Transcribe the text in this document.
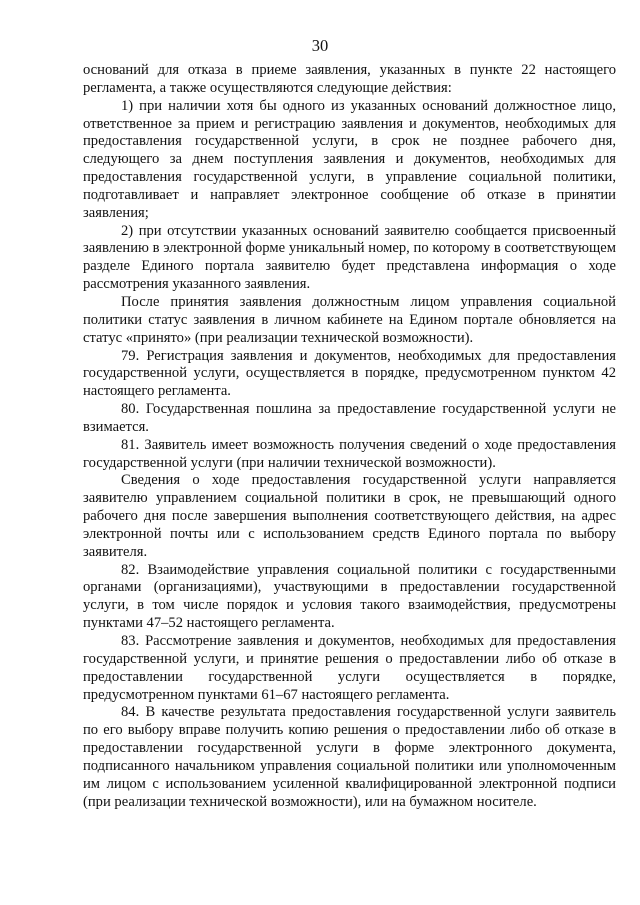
30

оснований для отказа в приеме заявления, указанных в пункте 22 настоящего регламента, а также осуществляются следующие действия:

1) при наличии хотя бы одного из указанных оснований должностное лицо, ответственное за прием и регистрацию заявления и документов, необходимых для предоставления государственной услуги, в срок не позднее рабочего дня, следующего за днем поступления заявления и документов, необходимых для предоставления государственной услуги, в управление социальной политики, подготавливает и направляет электронное сообщение об отказе в принятии заявления;

2) при отсутствии указанных оснований заявителю сообщается присвоенный заявлению в электронной форме уникальный номер, по которому в соответствующем разделе Единого портала заявителю будет представлена информация о ходе рассмотрения указанного заявления.

После принятия заявления должностным лицом управления социальной политики статус заявления в личном кабинете на Едином портале обновляется на статус «принято» (при реализации технической возможности).

79. Регистрация заявления и документов, необходимых для предоставления государственной услуги, осуществляется в порядке, предусмотренном пунктом 42 настоящего регламента.

80. Государственная пошлина за предоставление государственной услуги не взимается.

81. Заявитель имеет возможность получения сведений о ходе предоставления государственной услуги (при наличии технической возможности).

Сведения о ходе предоставления государственной услуги направляется заявителю управлением социальной политики в срок, не превышающий одного рабочего дня после завершения выполнения соответствующего действия, на адрес электронной почты или с использованием средств Единого портала по выбору заявителя.

82. Взаимодействие управления социальной политики с государственными органами (организациями), участвующими в предоставлении государственной услуги, в том числе порядок и условия такого взаимодействия, предусмотрены пунктами 47–52 настоящего регламента.

83. Рассмотрение заявления и документов, необходимых для предоставления государственной услуги, и принятие решения о предоставлении либо об отказе в предоставлении государственной услуги осуществляется в порядке, предусмотренном пунктами 61–67 настоящего регламента.

84. В качестве результата предоставления государственной услуги заявитель по его выбору вправе получить копию решения о предоставлении либо об отказе в предоставлении государственной услуги в форме электронного документа, подписанного начальником управления социальной политики или уполномоченным им лицом с использованием усиленной квалифицированной электронной подписи (при реализации технической возможности), или на бумажном носителе.
